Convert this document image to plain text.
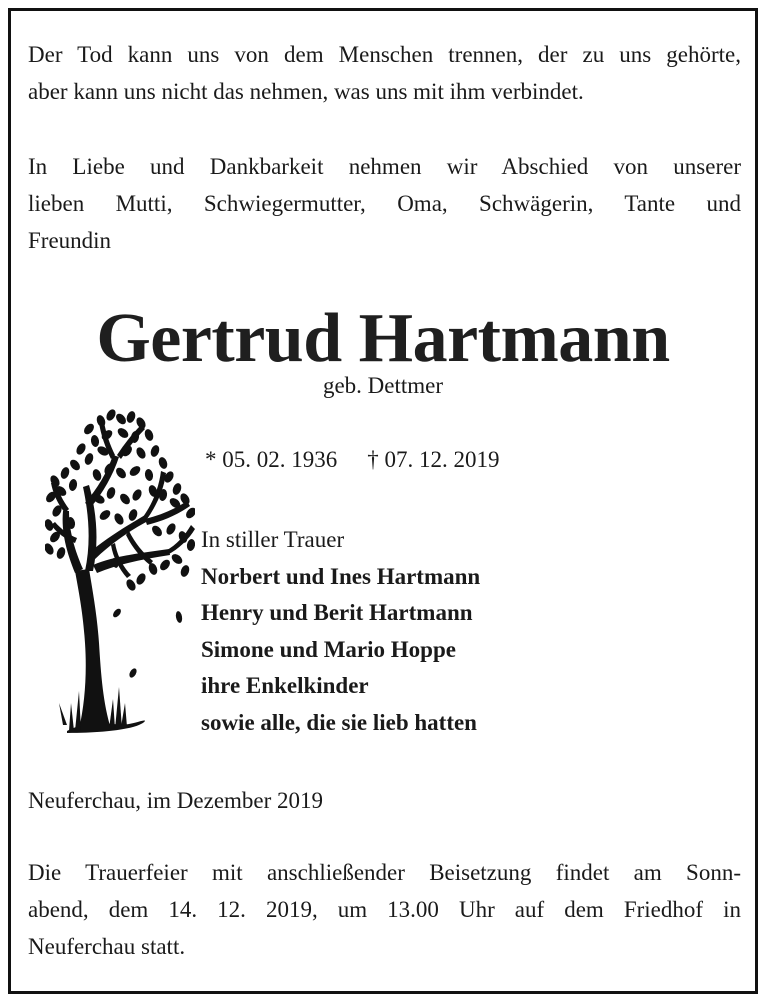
Der Tod kann uns von dem Menschen trennen, der zu uns gehörte,
aber kann uns nicht das nehmen, was uns mit ihm verbindet.
In Liebe und Dankbarkeit nehmen wir Abschied von unserer
lieben Mutti, Schwiegermutter, Oma, Schwägerin, Tante und
Freundin
Gertrud Hartmann
geb. Dettmer
* 05. 02. 1936 † 07. 12. 2019
In stiller Trauer
Norbert und Ines Hartmann
Henry und Berit Hartmann
Simone und Mario Hoppe
ihre Enkelkinder
sowie alle, die sie lieb hatten
Neuferchau, im Dezember 2019
Die Trauerfeier mit anschließender Beisetzung findet am Sonn-
abend, dem 14. 12. 2019, um 13.00 Uhr auf dem Friedhof in
Neuferchau statt.
